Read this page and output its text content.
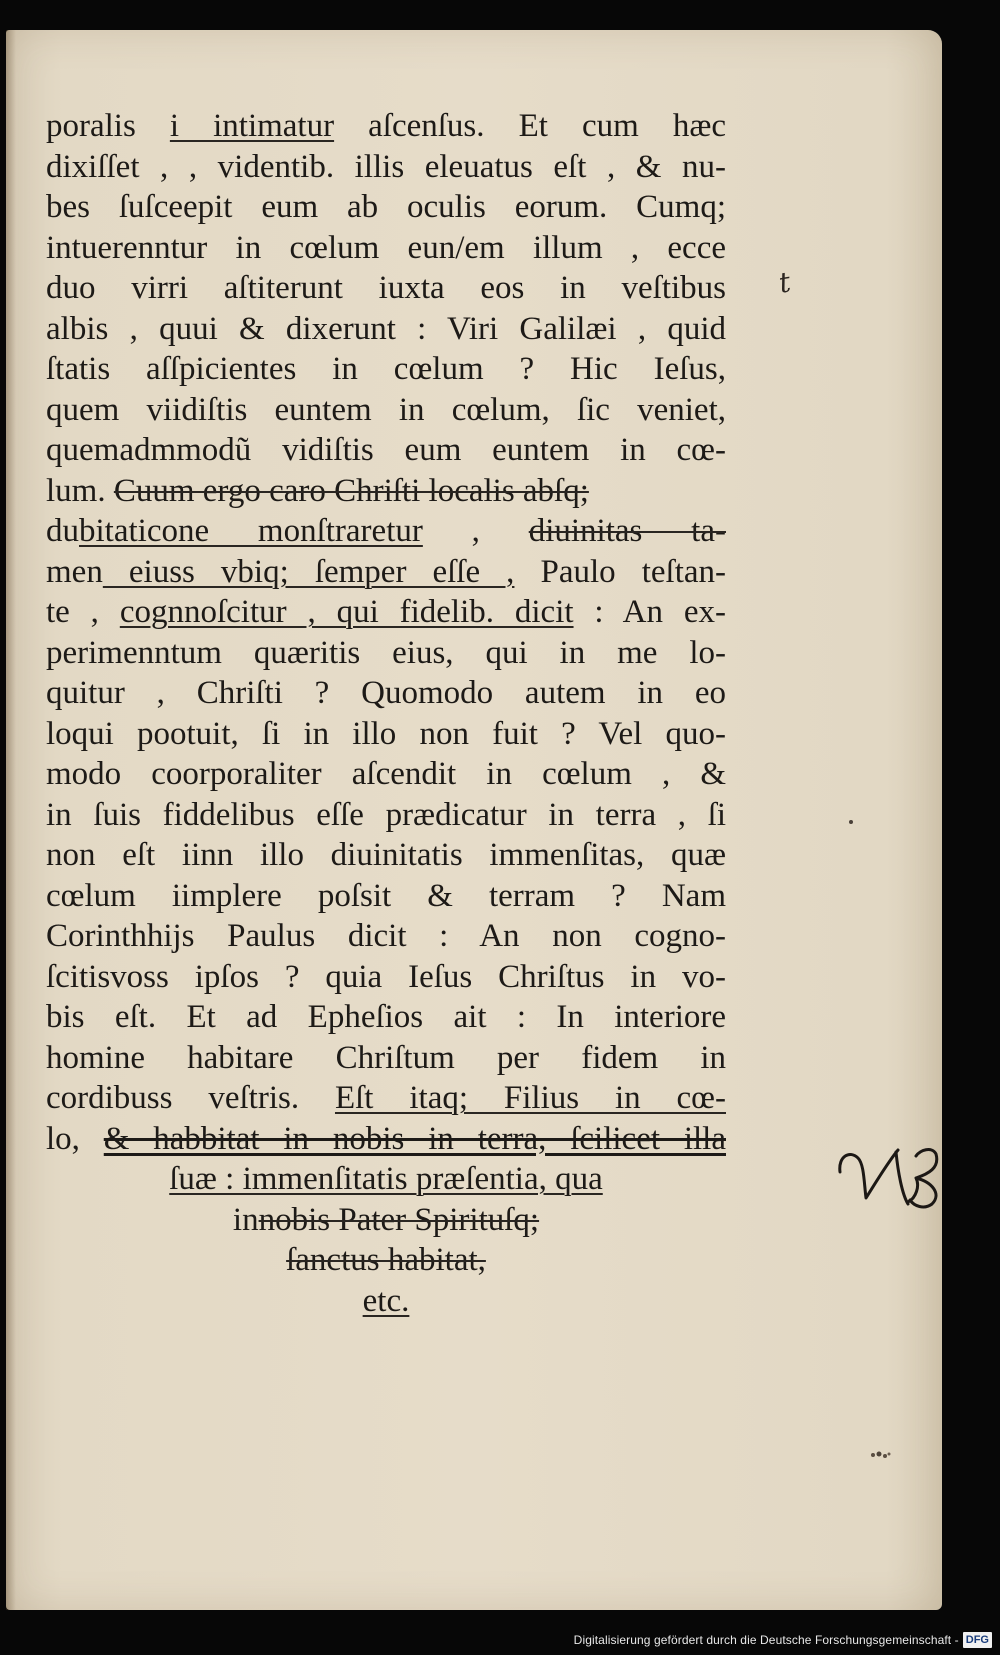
poralis i intimatur aſcenſus. Et cum hæc
dixiſſet , , videntib. illis eleuatus eſt , & nu-
bes ſuſceepit eum ab oculis eorum. Cumq;
intuerenntur in cœlum eun/em illum , ecce
duo virri aſtiterunt iuxta eos in veſtibus
albis , quui & dixerunt : Viri Galilæi , quid
ſtatis aſſpicientes in cœlum ? Hic Ieſus,
quem viidiſtis euntem in cœlum, ſic veniet,
quemadmmodũ vidiſtis eum euntem in cœ-
lum. Cuum ergo caro Chriſti localis abſq;
dubitaticone monſtraretur , diuinitas ta-
men eiuss vbiq; ſemper eſſe , Paulo teſtan-
te , cognnoſcitur , qui fidelib. dicit : An ex-
perimenntum quæritis eius, qui in me lo-
quitur , Chriſti ? Quomodo autem in eo
loqui pootuit, ſi in illo non fuit ? Vel quo-
modo coorporaliter aſcendit in cœlum , &
in ſuis fiddelibus eſſe prædicatur in terra , ſi
non eſt iinn illo diuinitatis immenſitas, quæ
cœlum iimplere poſsit & terram ? Nam
Corinthhijs Paulus dicit : An non cogno-
ſcitisvoss ipſos ? quia Ieſus Chriſtus in vo-
bis eſt. Et ad Epheſios ait : In interiore
homine habitare Chriſtum per fidem in
cordibuss veſtris. Eſt itaq; Filius in cœ-
lo, & habbitat in nobis in terra, ſcilicet illa
ſuæ : immenſitatis præſentia, qua
innobis Pater Spirituſq;
ſanctus habitat,
etc.
t
Digitalisierung gefördert durch die Deutsche Forschungsgemeinschaft - DFG
